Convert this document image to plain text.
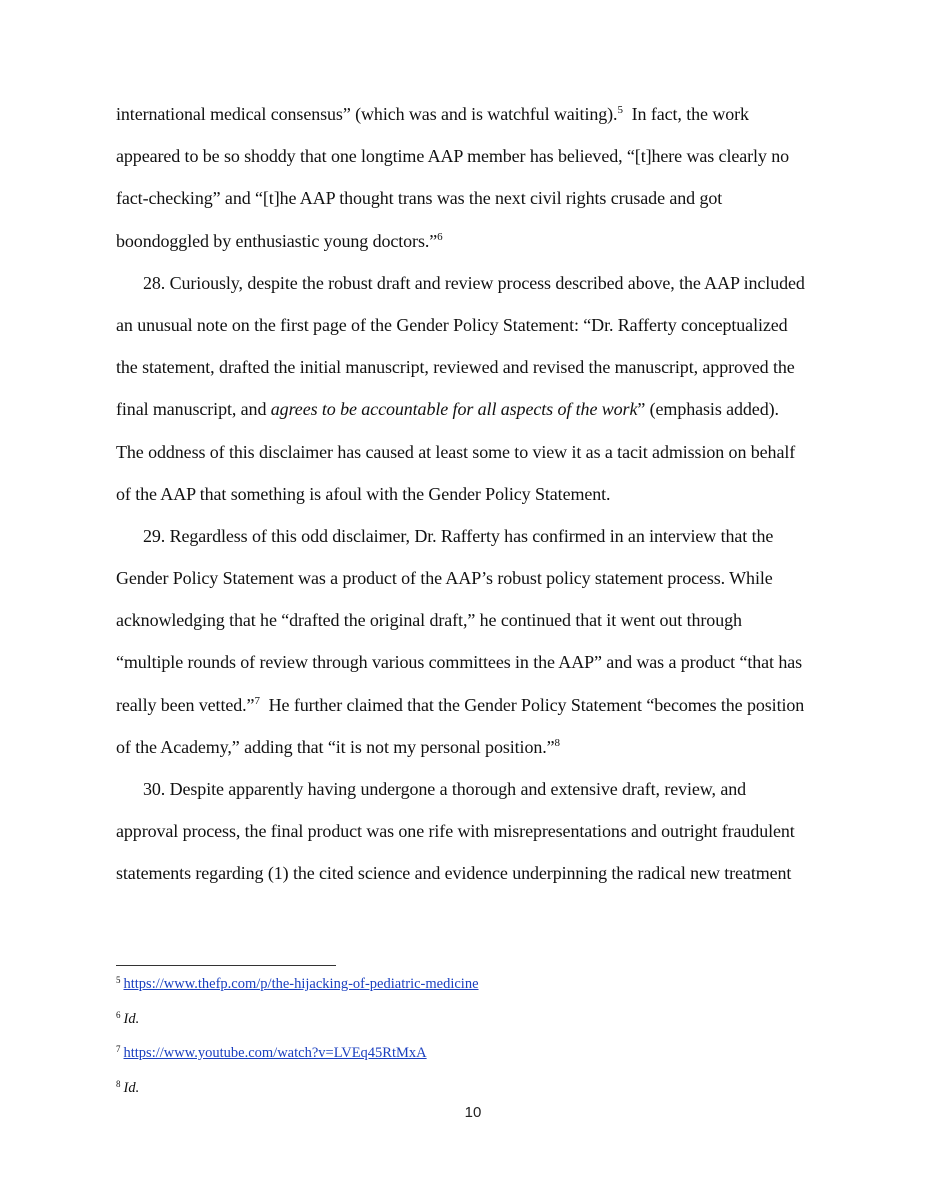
international medical consensus” (which was and is watchful waiting).$^5$  In fact, the work
appeared to be so shoddy that one longtime AAP member has believed, “[t]here was clearly no
fact-checking” and “[t]he AAP thought trans was the next civil rights crusade and got
boondoggled by enthusiastic young doctors.”$^6$
28. Curiously, despite the robust draft and review process described above, the AAP included
an unusual note on the first page of the Gender Policy Statement: “Dr. Rafferty conceptualized
the statement, drafted the initial manuscript, reviewed and revised the manuscript, approved the
final manuscript, and agrees to be accountable for all aspects of the work” (emphasis added).
The oddness of this disclaimer has caused at least some to view it as a tacit admission on behalf
of the AAP that something is afoul with the Gender Policy Statement.
29. Regardless of this odd disclaimer, Dr. Rafferty has confirmed in an interview that the
Gender Policy Statement was a product of the AAP’s robust policy statement process. While
acknowledging that he “drafted the original draft,” he continued that it went out through
“multiple rounds of review through various committees in the AAP” and was a product “that has
really been vetted.”$^7$  He further claimed that the Gender Policy Statement “becomes the position
of the Academy,” adding that “it is not my personal position.”$^8$
30. Despite apparently having undergone a thorough and extensive draft, review, and
approval process, the final product was one rife with misrepresentations and outright fraudulent
statements regarding (1) the cited science and evidence underpinning the radical new treatment
$^5$ https://www.thefp.com/p/the-hijacking-of-pediatric-medicine
$^6$ Id.
$^7$ https://www.youtube.com/watch?v=LVEq45RtMxA
$^8$ Id.
10
